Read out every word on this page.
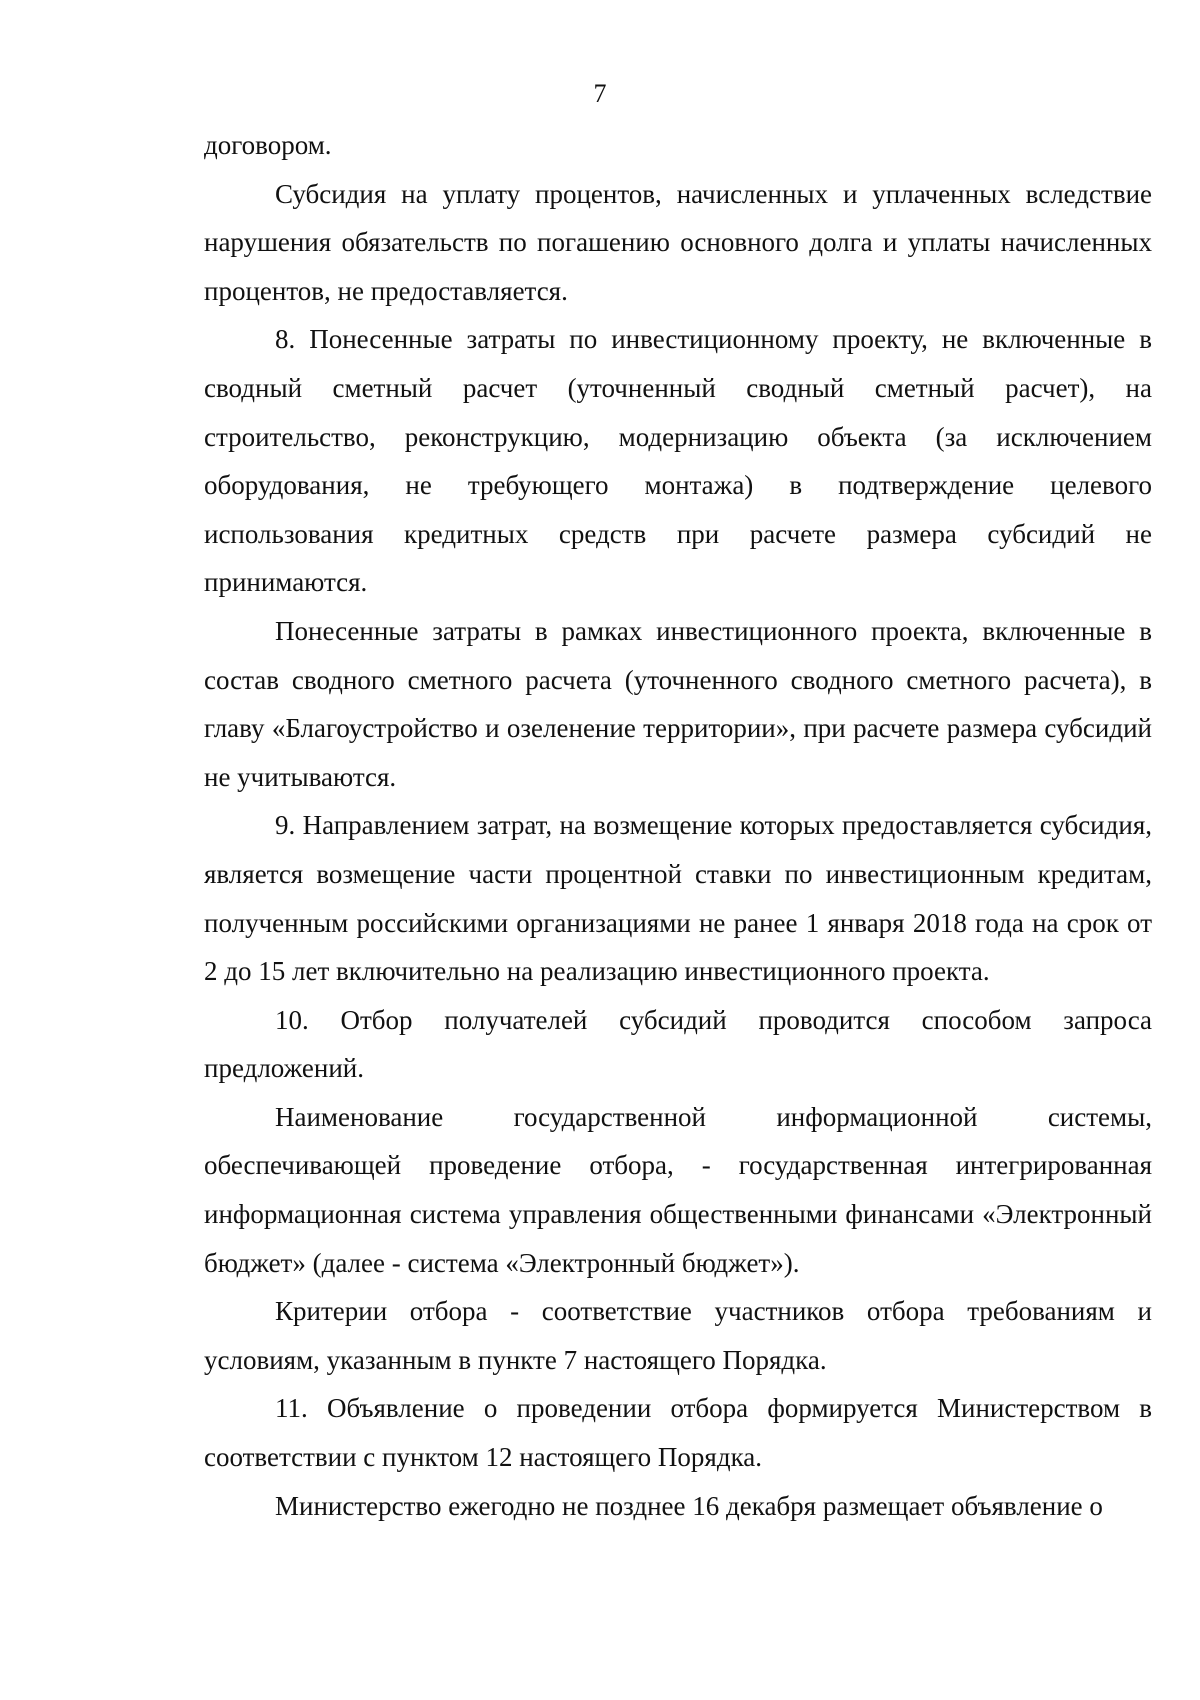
7

договором.

Субсидия на уплату процентов, начисленных и уплаченных вследствие нарушения обязательств по погашению основного долга и уплаты начисленных процентов, не предоставляется.

8. Понесенные затраты по инвестиционному проекту, не включенные в сводный сметный расчет (уточненный сводный сметный расчет), на строительство, реконструкцию, модернизацию объекта (за исключением оборудования, не требующего монтажа) в подтверждение целевого использования кредитных средств при расчете размера субсидий не принимаются.

Понесенные затраты в рамках инвестиционного проекта, включенные в состав сводного сметного расчета (уточненного сводного сметного расчета), в главу «Благоустройство и озеленение территории», при расчете размера субсидий не учитываются.

9. Направлением затрат, на возмещение которых предоставляется субсидия, является возмещение части процентной ставки по инвестиционным кредитам, полученным российскими организациями не ранее 1 января 2018 года на срок от 2 до 15 лет включительно на реализацию инвестиционного проекта.

10. Отбор получателей субсидий проводится способом запроса предложений.

Наименование государственной информационной системы, обеспечивающей проведение отбора, - государственная интегрированная информационная система управления общественными финансами «Электронный бюджет» (далее - система «Электронный бюджет»).

Критерии отбора - соответствие участников отбора требованиям и условиям, указанным в пункте 7 настоящего Порядка.

11. Объявление о проведении отбора формируется Министерством в соответствии с пунктом 12 настоящего Порядка.

Министерство ежегодно не позднее 16 декабря размещает объявление о
